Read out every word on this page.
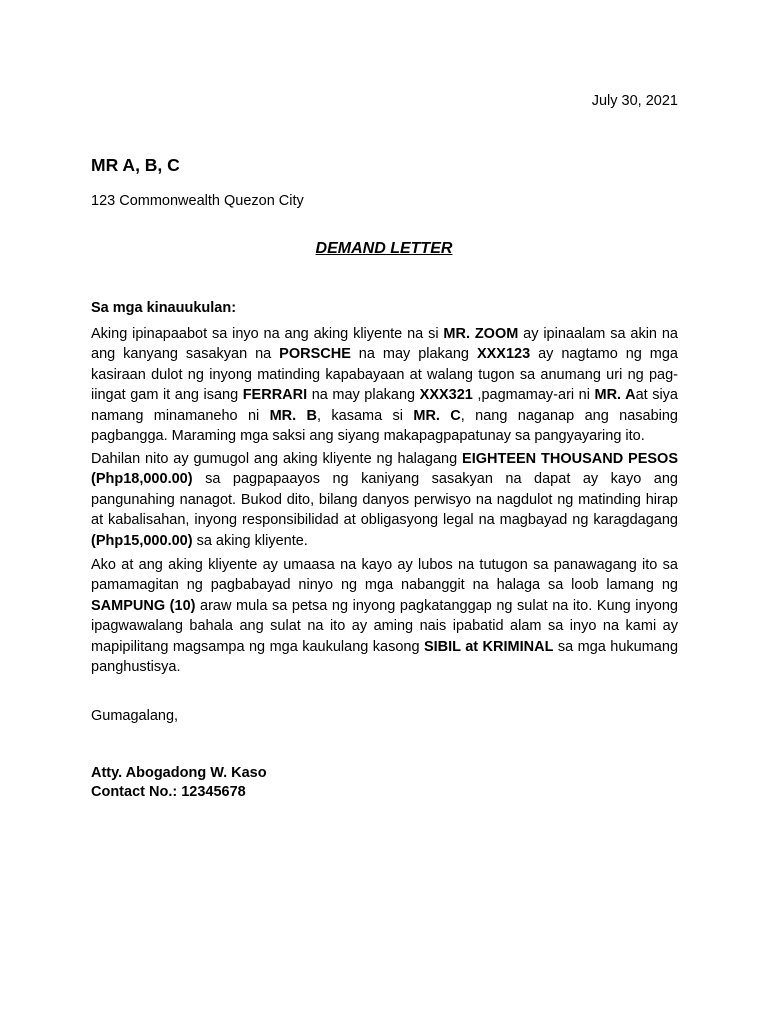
July 30, 2021
MR A, B, C
123 Commonwealth Quezon City
DEMAND LETTER
Sa mga kinauukulan:

Aking ipinapaabot sa inyo na ang aking kliyente na si MR. ZOOM ay ipinaalam sa akin na ang kanyang sasakyan na PORSCHE na may plakang XXX123 ay nagtamo ng mga kasiraan dulot ng inyong matinding kapabayaan at walang tugon sa anumang uri ng pag-iingat gam it ang isang FERRARI na may plakang XXX321 ,pagmamay-ari ni MR. Aat siya namang minamaneho ni MR. B, kasama si MR. C, nang naganap ang nasabing pagbangga. Maraming mga saksi ang siyang makapagpapatunay sa pangyayaring ito.

Dahilan nito ay gumugol ang aking kliyente ng halagang EIGHTEEN THOUSAND PESOS (Php18,000.00) sa pagpapaayos ng kaniyang sasakyan na dapat ay kayo ang pangunahing nanagot. Bukod dito, bilang danyos perwisyo na nagdulot ng matinding hirap at kabalisahan, inyong responsibilidad at obligasyong legal na magbayad ng karagdagang (Php15,000.00) sa aking kliyente.

Ako at ang aking kliyente ay umaasa na kayo ay lubos na tutugon sa panawagang ito sa pamamagitan ng pagbabayad ninyo ng mga nabanggit na halaga sa loob lamang ng SAMPUNG (10) araw mula sa petsa ng inyong pagkatanggap ng sulat na ito. Kung inyong ipagwawalang bahala ang sulat na ito ay aming nais ipabatid alam sa inyo na kami ay mapipilitang magsampa ng mga kaukulang kasong SIBIL at KRIMINAL sa mga hukumang panghustisya.

Gumagalang,
Atty. Abogadong W. Kaso
Contact No.: 12345678
